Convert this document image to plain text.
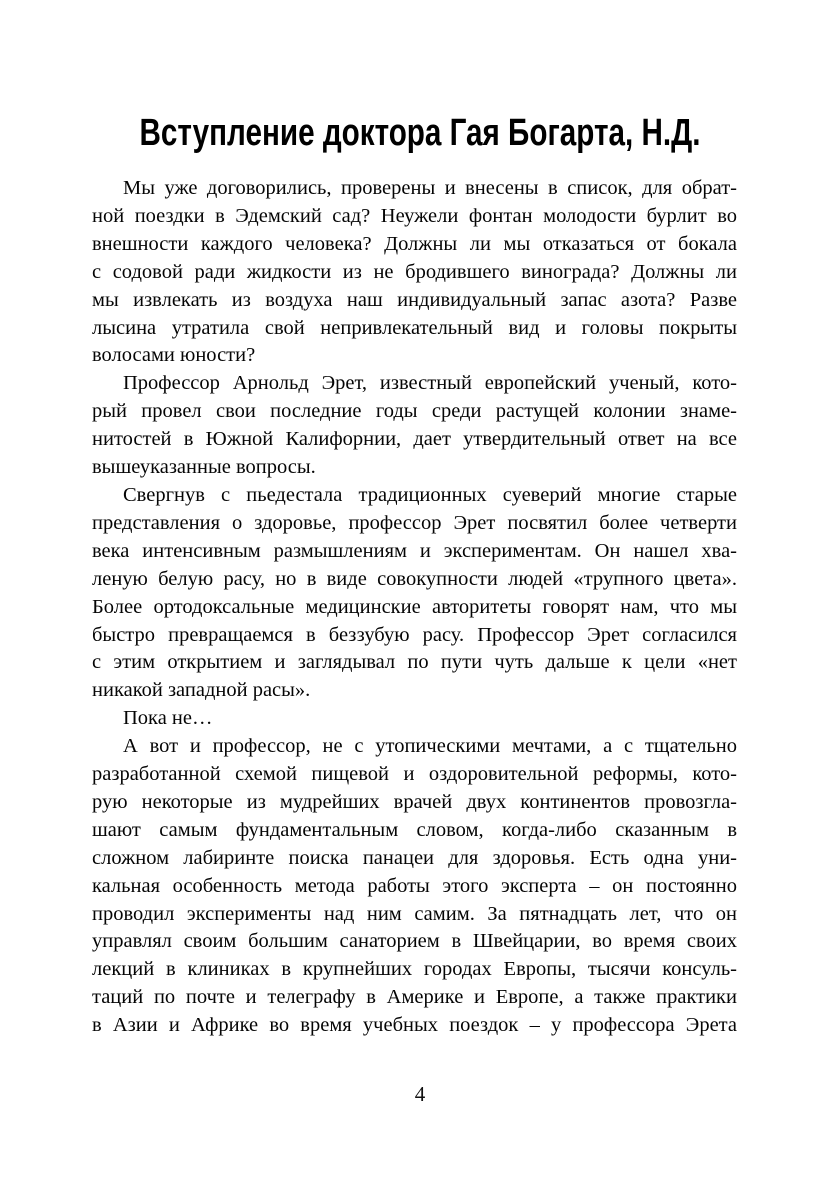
Вступление доктора Гая Богарта, Н.Д.
Мы уже договорились, проверены и внесены в список, для обрат-
ной поездки в Эдемский сад? Неужели фонтан молодости бурлит во
внешности каждого человека? Должны ли мы отказаться от бокала
с содовой ради жидкости из не бродившего винограда? Должны ли
мы извлекать из воздуха наш индивидуальный запас азота? Разве
лысина утратила свой непривлекательный вид и головы покрыты
волосами юности?
Профессор Арнольд Эрет, известный европейский ученый, кото-
рый провел свои последние годы среди растущей колонии знаме-
нитостей в Южной Калифорнии, дает утвердительный ответ на все
вышеуказанные вопросы.
Свергнув с пьедестала традиционных суеверий многие старые
представления о здоровье, профессор Эрет посвятил более четверти
века интенсивным размышлениям и экспериментам. Он нашел хва-
леную белую расу, но в виде совокупности людей «трупного цвета».
Более ортодоксальные медицинские авторитеты говорят нам, что мы
быстро превращаемся в беззубую расу. Профессор Эрет согласился
с этим открытием и заглядывал по пути чуть дальше к цели «нет
никакой западной расы».
Пока не…
А вот и профессор, не с утопическими мечтами, а с тщательно
разработанной схемой пищевой и оздоровительной реформы, кото-
рую некоторые из мудрейших врачей двух континентов провозгла-
шают самым фундаментальным словом, когда-либо сказанным в
сложном лабиринте поиска панацеи для здоровья. Есть одна уни-
кальная особенность метода работы этого эксперта – он постоянно
проводил эксперименты над ним самим. За пятнадцать лет, что он
управлял своим большим санаторием в Швейцарии, во время своих
лекций в клиниках в крупнейших городах Европы, тысячи консуль-
таций по почте и телеграфу в Америке и Европе, а также практики
в Азии и Африке во время учебных поездок – у профессора Эрета
4
